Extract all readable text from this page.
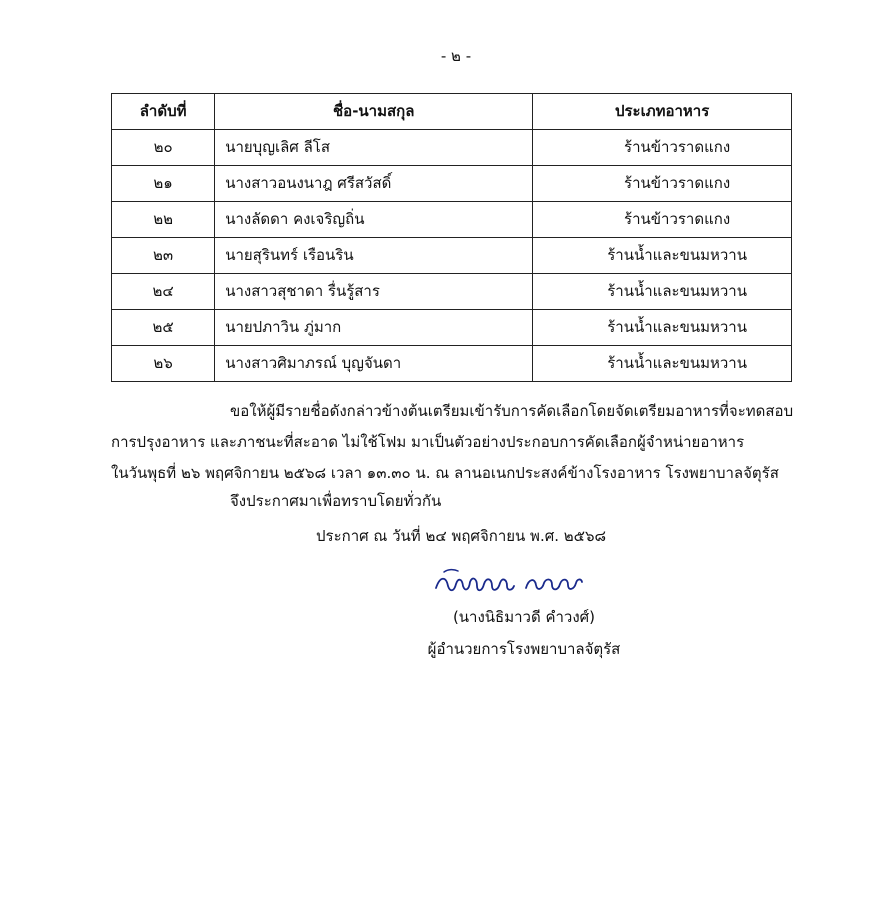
- ๒ -
ลำดับที่	ชื่อ-นามสกุล	ประเภทอาหาร
๒๐	นายบุญเลิศ ลีโส	ร้านข้าวราดแกง
๒๑	นางสาวอนงนาฎ ศรีสวัสดิ์	ร้านข้าวราดแกง
๒๒	นางลัดดา คงเจริญถิ่น	ร้านข้าวราดแกง
๒๓	นายสุรินทร์ เรือนริน	ร้านน้ำและขนมหวาน
๒๔	นางสาวสุชาดา รื่นรู้สาร	ร้านน้ำและขนมหวาน
๒๕	นายปภาวิน ภู่มาก	ร้านน้ำและขนมหวาน
๒๖	นางสาวศิมาภรณ์ บุญจันดา	ร้านน้ำและขนมหวาน
ขอให้ผู้มีรายชื่อดังกล่าวข้างต้นเตรียมเข้ารับการคัดเลือกโดยจัดเตรียมอาหารที่จะทดสอบ
การปรุงอาหาร และภาชนะที่สะอาด ไม่ใช้โฟม มาเป็นตัวอย่างประกอบการคัดเลือกผู้จำหน่ายอาหาร
ในวันพุธที่ ๒๖ พฤศจิกายน ๒๕๖๘ เวลา ๑๓.๓๐ น. ณ ลานอเนกประสงค์ข้างโรงอาหาร โรงพยาบาลจัตุรัส
จึงประกาศมาเพื่อทราบโดยทั่วกัน
ประกาศ ณ วันที่ ๒๔ พฤศจิกายน พ.ศ. ๒๕๖๘
(นางนิธิมาวดี คำวงศ์)
ผู้อำนวยการโรงพยาบาลจัตุรัส
